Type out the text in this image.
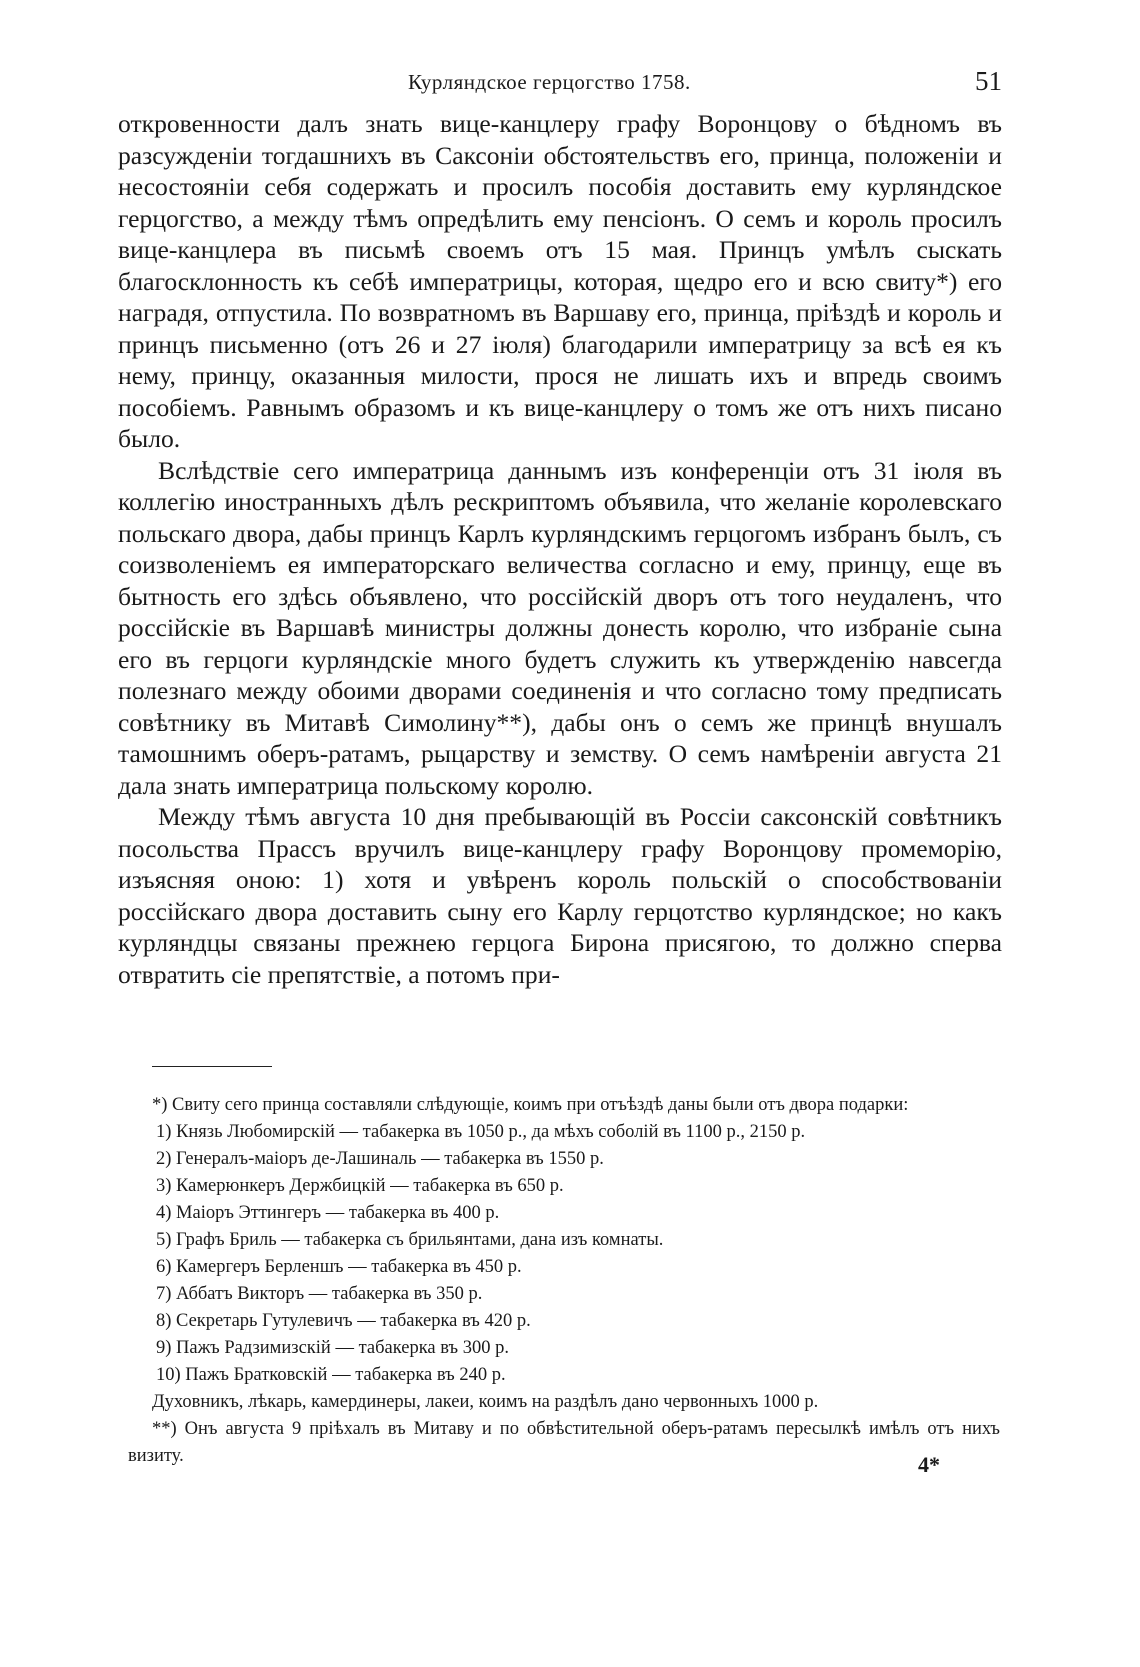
Курляндское герцогство 1758.	51

откровенности далъ знать вице-канцлеру графу Воронцову о бѣдномъ въ разсужденіи тогдашнихъ въ Саксоніи обстоятельствъ его, принца, положеніи и несостояніи себя содержать и просилъ пособія доставить ему курляндское герцогство, а между тѣмъ опредѣлить ему пенсіонъ. О семъ и король просилъ вице-канцлера въ письмѣ своемъ отъ 15 мая. Принцъ умѣлъ сыскать благосклонность къ себѣ императрицы, которая, щедро его и всю свиту*) его наградя, отпустила. По возвратномъ въ Варшаву его, принца, пріѣздѣ и король и принцъ письменно (отъ 26 и 27 іюля) благодарили императрицу за всѣ ея къ нему, принцу, оказанныя милости, прося не лишать ихъ и впредь своимъ пособіемъ. Равнымъ образомъ и къ вице-канцлеру о томъ же отъ нихъ писано было.

Вслѣдствіе сего императрица даннымъ изъ конференціи отъ 31 іюля въ коллегію иностранныхъ дѣлъ рескриптомъ объявила, что желаніе королевскаго польскаго двора, дабы принцъ Карлъ курляндскимъ герцогомъ избранъ былъ, съ соизволеніемъ ея императорскаго величества согласно и ему, принцу, еще въ бытность его здѣсь объявлено, что россійскій дворъ отъ того неудаленъ, что россійскіе въ Варшавѣ министры должны донесть королю, что избраніе сына его въ герцоги курляндскіе много будетъ служить къ утвержденію навсегда полезнаго между обоими дворами соединенія и что согласно тому предписать совѣтнику въ Митавѣ Симолину**), дабы онъ о семъ же принцѣ внушалъ тамошнимъ оберъ-ратамъ, рыцарству и земству. О семъ намѣреніи августа 21 дала знать императрица польскому королю.

Между тѣмъ августа 10 дня пребывающій въ Россіи саксонскій совѣтникъ посольства Прассъ вручилъ вице-канцлеру графу Воронцову промеморію, изъясняя оною: 1) хотя и увѣренъ король польскій о способствованіи россійскаго двора доставить сыну его Карлу герцотство курляндское; но какъ курляндцы связаны прежнею герцога Бирона присягою, то должно сперва отвратить сіе препятствіе, а потомъ при-

*) Свиту сего принца составляли слѣдующіе, коимъ при отъѣздѣ даны были отъ двора подарки:

1) Князь Любомирскій — табакерка въ 1050 р., да мѣхъ соболій въ 1100 р., 2150 р.

2) Генералъ-маіоръ де-Лашиналь — табакерка въ 1550 р.

3) Камерюнкеръ Держбицкій — табакерка въ 650 р.

4) Маіоръ Эттингеръ — табакерка въ 400 р.

5) Графъ Бриль — табакерка съ брильянтами, дана изъ комнаты.

6) Камергеръ Берленшъ — табакерка въ 450 р.

7) Аббатъ Викторъ — табакерка въ 350 р.

8) Секретарь Гутулевичъ — табакерка въ 420 р.

9) Пажъ Радзимизскій — табакерка въ 300 р.

10) Пажъ Братковскій — табакерка въ 240 р.

Духовникъ, лѣкарь, камердинеры, лакеи, коимъ на раздѣлъ дано червонныхъ 1000 р.

**) Онъ августа 9 пріѣхалъ въ Митаву и по обвѣстительной оберъ-ратамъ пересылкѣ имѣлъ отъ нихъ визиту.	4*
